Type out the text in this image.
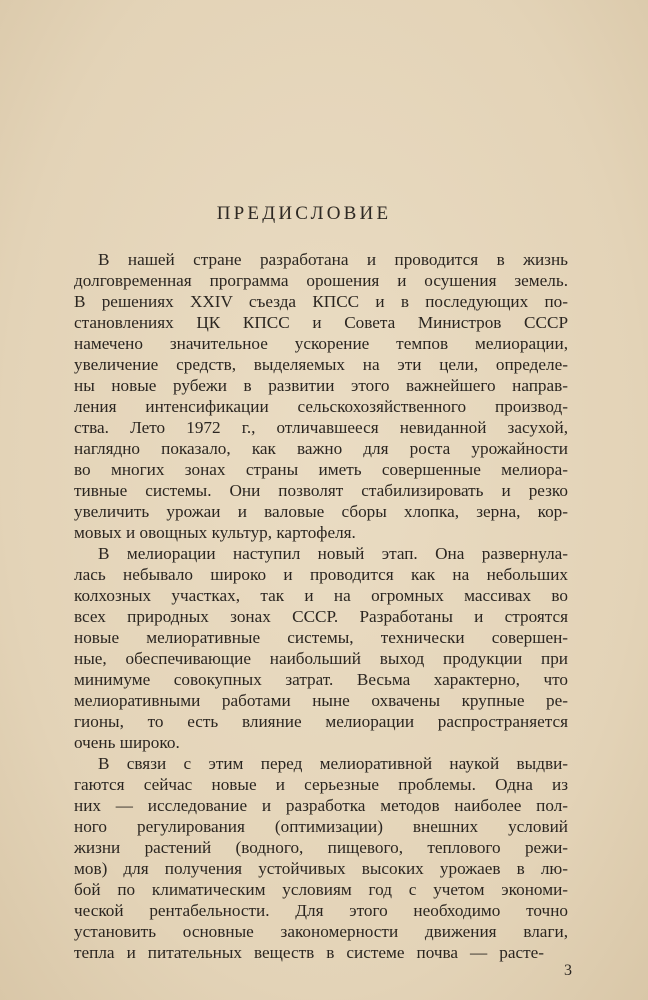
ПРЕДИСЛОВИЕ
В нашей стране разработана и проводится в жизнь
долговременная программа орошения и осушения земель.
В решениях XXIV съезда КПСС и в последующих по-
становлениях ЦК КПСС и Совета Министров СССР
намечено значительное ускорение темпов мелиорации,
увеличение средств, выделяемых на эти цели, определе-
ны новые рубежи в развитии этого важнейшего направ-
ления интенсификации сельскохозяйственного производ-
ства. Лето 1972 г., отличавшееся невиданной засухой,
наглядно показало, как важно для роста урожайности
во многих зонах страны иметь совершенные мелиора-
тивные системы. Они позволят стабилизировать и резко
увеличить урожаи и валовые сборы хлопка, зерна, кор-
мовых и овощных культур, картофеля.
В мелиорации наступил новый этап. Она развернула-
лась небывало широко и проводится как на небольших
колхозных участках, так и на огромных массивах во
всех природных зонах СССР. Разработаны и строятся
новые мелиоративные системы, технически совершен-
ные, обеспечивающие наибольший выход продукции при
минимуме совокупных затрат. Весьма характерно, что
мелиоративными работами ныне охвачены крупные ре-
гионы, то есть влияние мелиорации распространяется
очень широко.
В связи с этим перед мелиоративной наукой выдви-
гаются сейчас новые и серьезные проблемы. Одна из
них — исследование и разработка методов наиболее пол-
ного регулирования (оптимизации) внешних условий
жизни растений (водного, пищевого, теплового режи-
мов) для получения устойчивых высоких урожаев в лю-
бой по климатическим условиям год с учетом экономи-
ческой рентабельности. Для этого необходимо точно
установить основные закономерности движения влаги,
тепла и питательных веществ в системе почва — расте-
3
